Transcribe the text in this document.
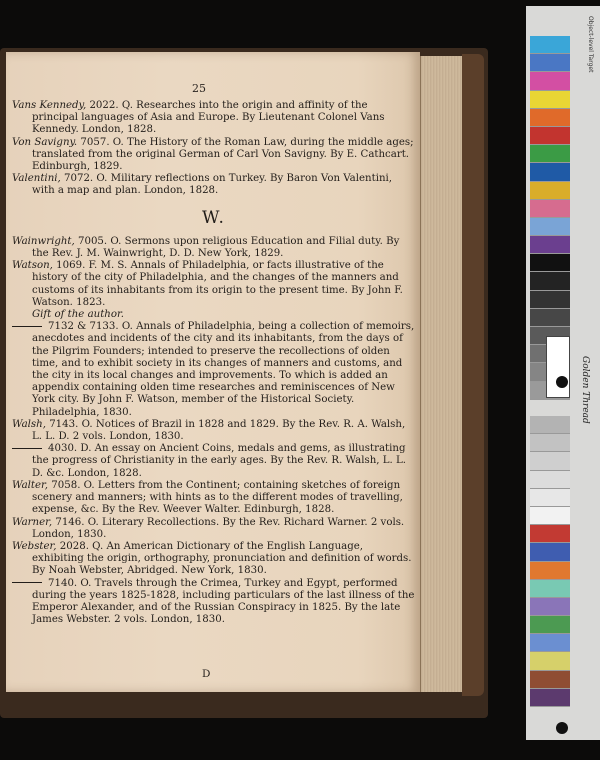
25

Vans Kennedy, 2022. Q. Researches into the origin and affinity of the principal languages of Asia and Europe. By Lieutenant Colonel Vans Kennedy. London, 1828.

Von Savigny. 7057. O. The History of the Roman Law, during the middle ages; translated from the original German of Carl Von Savigny. By E. Cathcart. Edinburgh, 1829.

Valentini, 7072. O. Military reflections on Turkey. By Baron Von Valentini, with a map and plan. London, 1828.

W.

Wainwright, 7005. O. Sermons upon religious Education and Filial duty. By the Rev. J. M. Wainwright, D. D. New York, 1829.

Watson, 1069. F. M. S. Annals of Philadelphia, or facts illustrative of the history of the city of Philadelphia, and the changes of the manners and customs of its inhabitants from its origin to the present time. By John F. Watson. 1823.

Gift of the author.

7132 & 7133. O. Annals of Philadelphia, being a collection of memoirs, anecdotes and incidents of the city and its inhabitants, from the days of the Pilgrim Founders; intended to preserve the recollections of olden time, and to exhibit society in its changes of manners and customs, and the city in its local changes and improvements. To which is added an appendix containing olden time researches and reminiscences of New York city. By John F. Watson, member of the Historical Society. Philadelphia, 1830.

Walsh, 7143. O. Notices of Brazil in 1828 and 1829. By the Rev. R. A. Walsh, L. L. D. 2 vols. London, 1830.

4030. D. An essay on Ancient Coins, medals and gems, as illustrating the progress of Christianity in the early ages. By the Rev. R. Walsh, L. L. D. &c. London, 1828.

Walter, 7058. O. Letters from the Continent; containing sketches of foreign scenery and manners; with hints as to the different modes of travelling, expense, &c. By the Rev. Weever Walter. Edinburgh, 1828.

Warner, 7146. O. Literary Recollections. By the Rev. Richard Warner. 2 vols. London, 1830.

Webster, 2028. Q. An American Dictionary of the English Language, exhibiting the origin, orthography, pronunciation and definition of words. By Noah Webster, Abridged. New York, 1830.

7140. O. Travels through the Crimea, Turkey and Egypt, performed during the years 1825-1828, including particulars of the last illness of the Emperor Alexander, and of the Russian Conspiracy in 1825. By the late James Webster. 2 vols. London, 1830.

D
Object-level Target
Golden Thread
